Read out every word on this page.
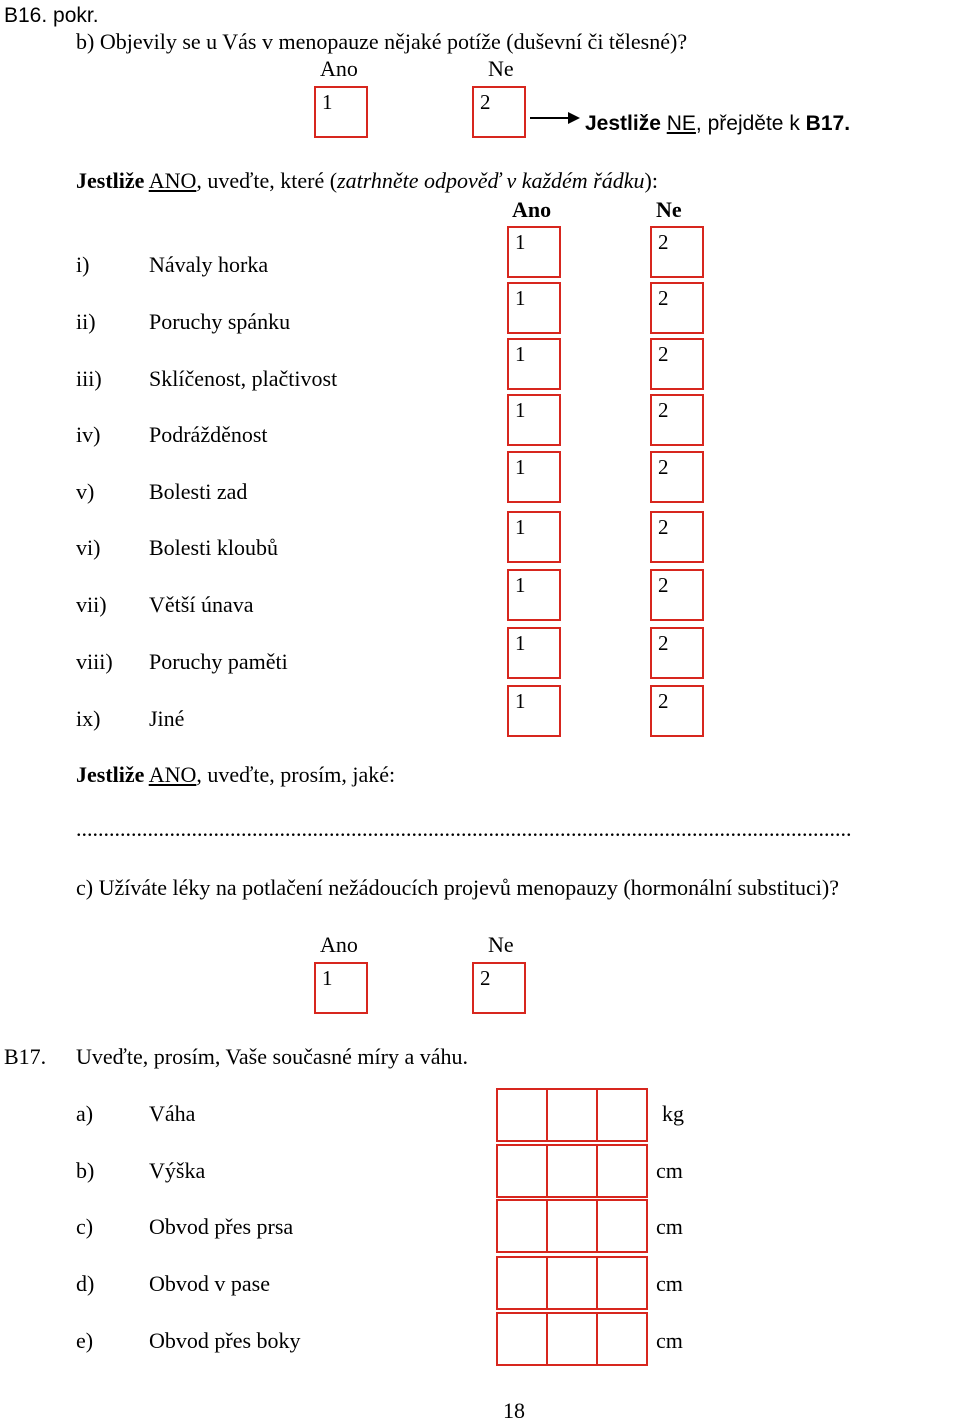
B16. pokr.
b) Objevily se u Vás v menopauze nějaké potíže (duševní či tělesné)?
Ano	Ne
1	2
Jestliže NE, přejděte k B17.
Jestliže ANO, uveďte, které (zatrhněte odpověď v každém řádku):
Ano	Ne
i)	Návaly horka
1	2
ii) Poruchy spánku
1	2
iii) Sklíčenost, plačtivost
1	2
iv) Podrážděnost
1	2
v) Bolesti zad
1	2
vi) Bolesti kloubů
1	2
vii) Větší únava
1	2
viii) Poruchy paměti
1	2
ix) Jiné
1	2
Jestliže ANO, uveďte, prosím, jaké:
.............................................................................................................................................
c) Užíváte léky na potlačení nežádoucích projevů menopauzy (hormonální substituci)?
Ano	Ne
1	2
B17. Uveďte, prosím, Vaše současné míry a váhu.
a)	Váha	kg
b) Výška	cm
c)	Obvod přes prsa	cm
d) Obvod v pase	cm
e)	Obvod přes boky	cm
18
